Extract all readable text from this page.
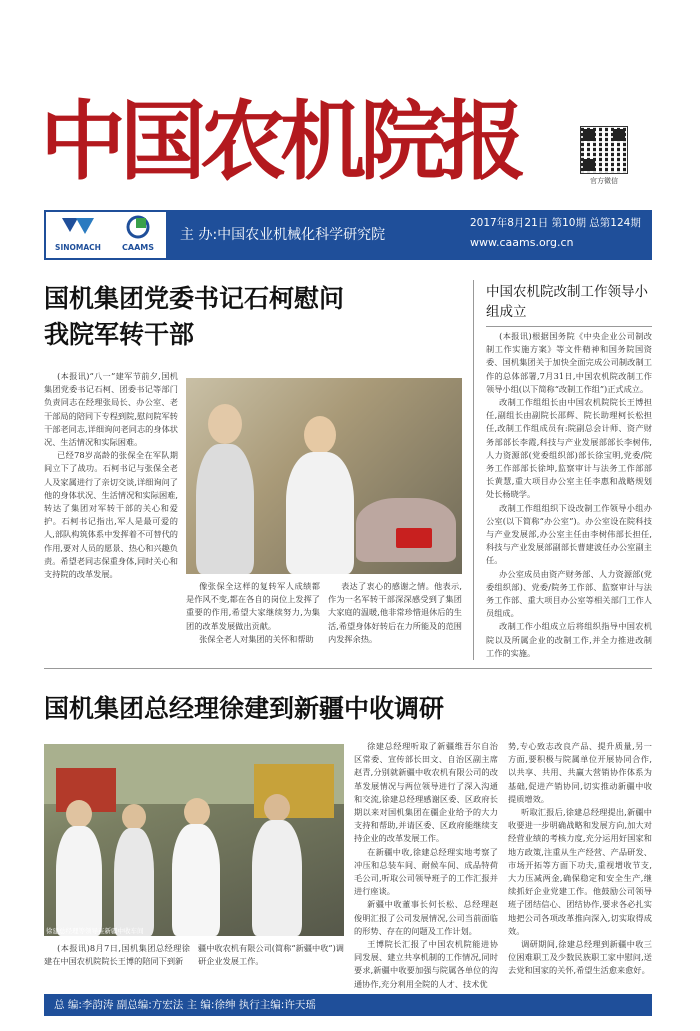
中国农机院报	官方微信
SINOMACH	CAAMS
主 办:中国农业机械化科学研究院
2017年8月21日 第10期 总第124期
www.caams.org.cn
国机集团党委书记石柯慰问
我院军转干部

(本报讯)“八一”建军节前夕,国机集团党委书记石柯、团委书记等部门负责同志在经理张局长、办公室、老干部局的陪同下专程到院,慰问院军转干部老同志,详细询问老同志的身体状况、生活情况和实际困难。

已经78岁高龄的张保全在军队期间立下了战功。石柯书记与张保全老人及家属进行了亲切交谈,详细询问了他的身体状况、生活情况和实际困难,转达了集团对军转干部的关心和爱护。石柯书记指出,军人是最可爱的人,部队构筑体系中发挥着不可替代的作用,要对人员的愿景、热心和兴趣负责。希望老同志保重身体,同时关心和支持院的改革发展。

像张保全这样的复转军人成绩都是作风不变,都在各自的岗位上发挥了重要的作用,希望大家继续努力,为集团的改革发展做出贡献。

张保全老人对集团的关怀和帮助

表达了衷心的感谢之情。他表示,作为一名军转干部深深感受到了集团大家庭的温暖,他非常珍惜退休后的生活,希望身体好转后在力所能及的范围内发挥余热。

中国农机院改制工作领导小组成立

(本报讯)根据国务院《中央企业公司制改制工作实施方案》等文件精神和国务院国资委、国机集团关于加快全面完成公司制改制工作的总体部署,7月31日,中国农机院改制工作领导小组(以下简称“改制工作组”)正式成立。

改制工作组组长由中国农机院院长王博担任,副组长由副院长邵辉、院长助理柯长松担任,改制工作组成员有:院副总会计师、资产财务部部长李霞,科技与产业发展部部长李树伟,人力资源部(党委组织部)部长徐宝明,党委/院务工作部部长徐坤,监察审计与法务工作部部长黄慧,重大项目办公室主任李惠和战略规划处长杨晓学。

改制工作组组织下设改制工作领导小组办公室(以下简称“办公室”)。办公室设在院科技与产业发展部,办公室主任由李树伟部长担任,科技与产业发展部副部长曹建波任办公室副主任。

办公室成员由资产财务部、人力资源部(党委组织部)、党委/院务工作部、监察审计与法务工作部、重大项目办公室等相关部门工作人员组成。

改制工作小组成立后将组织指导中国农机院以及所属企业的改制工作,并全力推进改制工作的实施。

国机集团总经理徐建到新疆中收调研
徐建总经理等领导在新疆中收车间

(本报讯)8月7日,国机集团总经理徐建在中国农机院院长王博的陪同下到新

疆中收农机有限公司(简称“新疆中收”)调研企业发展工作。

徐建总经理听取了新疆维吾尔自治区常委、宣传部长田文、自治区副主席赵青,分别就新疆中收农机有限公司的改革发展情况与两位领导进行了深入沟通和交流,徐建总经理感谢区委、区政府长期以来对国机集团在疆企业给予的大力支持和帮助,并请区委、区政府能继续支持企业的改革发展工作。

在新疆中收,徐建总经理实地考察了冲压和总装车间、耐候车间、成品特荷毛公司,听取公司领导班子的工作汇报并进行座谈。

新疆中收董事长何长松、总经理赵俊明汇报了公司发展情况,公司当前面临的形势、存在的问题及工作计划。

王博院长汇报了中国农机院能进协同发展、建立共享机制的工作情况,同时要求,新疆中收要加强与院属各单位的沟通协作,充分利用全院的人才、技术优

势,专心致志改良产品、提升质量,另一方面,要积极与院属单位开展协同合作,以共享、共用、共赢大营销协作体系为基础,促进产销协同,切实推动新疆中收提质增效。

听取汇报后,徐建总经理提出,新疆中收要进一步明确战略和发展方向,加大对经营业绩的考核力度,充分运用好国家和地方政策,注重从生产经营、产品研发、市场开拓等方面下功夫,重视增收节支,大力压减两金,确保稳定和安全生产,继续抓好企业党建工作。他鼓励公司领导班子团结信心、团结协作,要求各必扎实地把公司各项改革推向深入,切实取得成效。

调研期间,徐建总经理到新疆中收三位困难职工及少数民族职工家中慰问,送去党和国家的关怀,希望生活愈来愈好。

总 编:李韵涛 副总编:方宏法 主 编:徐绅 执行主编:许天瑶
